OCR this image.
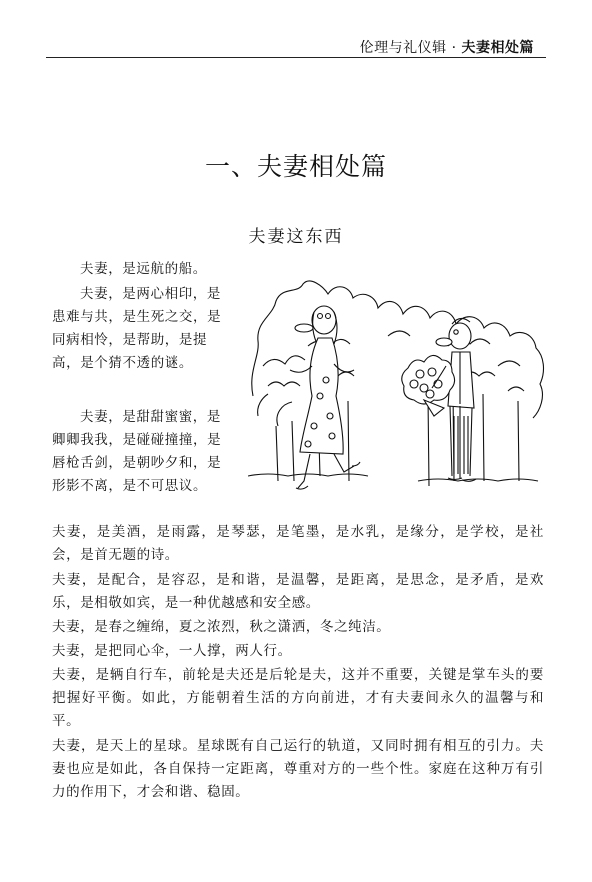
伦理与礼仪辑 · 夫妻相处篇
一、夫妻相处篇
夫妻这东西

夫妻，是远航的船。

夫妻，是两心相印，是患难与共，是生死之交，是同病相怜，是帮助，是提高，是个猜不透的谜。

夫妻，是甜甜蜜蜜，是卿卿我我，是碰碰撞撞，是唇枪舌剑，是朝吵夕和，是形影不离，是不可思议。

夫妻，是美酒，是雨露，是琴瑟，是笔墨，是水乳，是缘分，是学校，是社会，是首无题的诗。

夫妻，是配合，是容忍，是和谐，是温馨，是距离，是思念，是矛盾，是欢乐，是相敬如宾，是一种优越感和安全感。

夫妻，是春之缠绵，夏之浓烈，秋之潇洒，冬之纯洁。

夫妻，是把同心伞，一人撑，两人行。

夫妻，是辆自行车，前轮是夫还是后轮是夫，这并不重要，关键是掌车头的要把握好平衡。如此，方能朝着生活的方向前进，才有夫妻间永久的温馨与和平。

夫妻，是天上的星球。星球既有自己运行的轨道，又同时拥有相互的引力。夫妻也应是如此，各自保持一定距离，尊重对方的一些个性。家庭在这种万有引力的作用下，才会和谐、稳固。
